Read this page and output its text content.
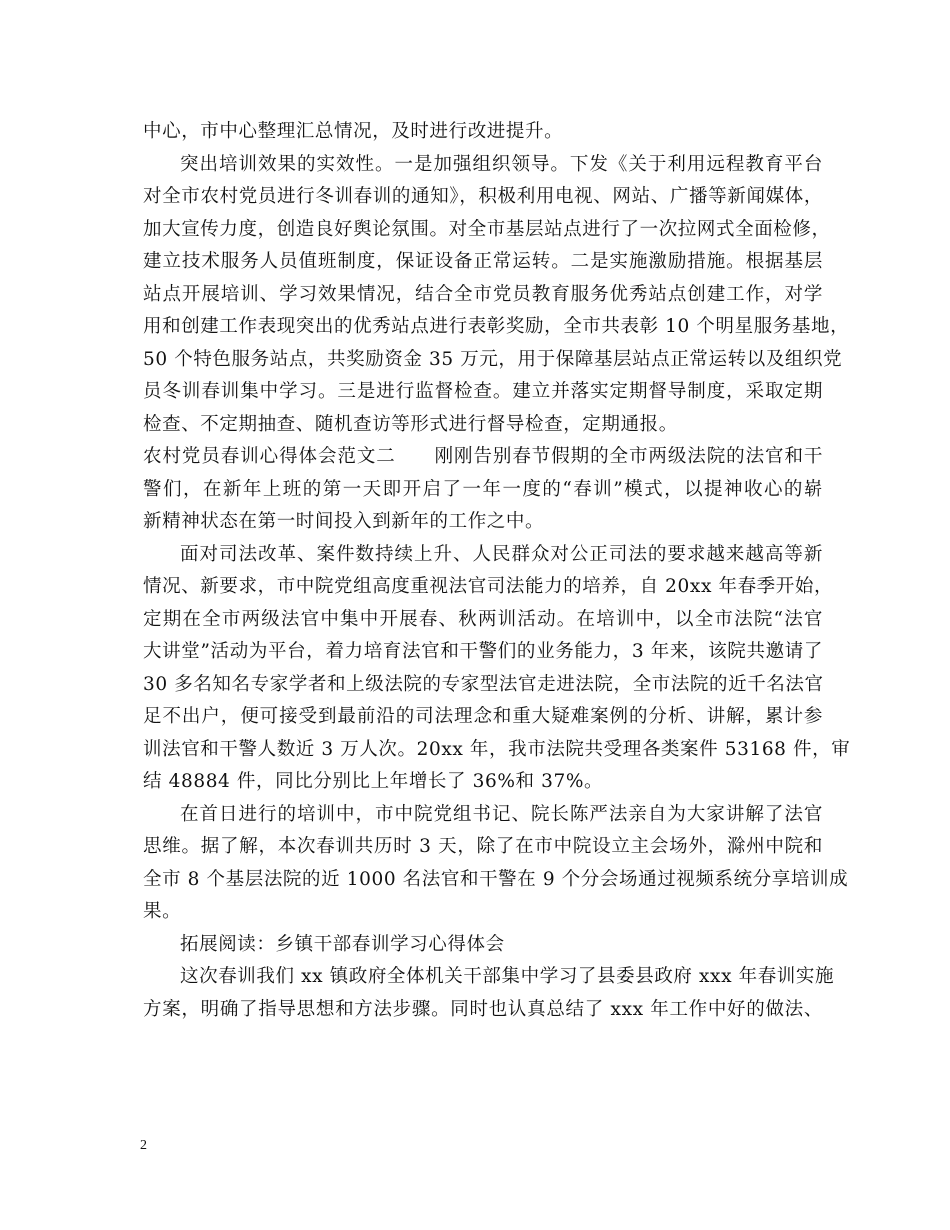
中心，市中心整理汇总情况，及时进行改进提升。
突出培训效果的实效性。一是加强组织领导。下发《关于利用远程教育平台
对全市农村党员进行冬训春训的通知》，积极利用电视、网站、广播等新闻媒体，
加大宣传力度，创造良好舆论氛围。对全市基层站点进行了一次拉网式全面检修，
建立技术服务人员值班制度，保证设备正常运转。二是实施激励措施。根据基层
站点开展培训、学习效果情况，结合全市党员教育服务优秀站点创建工作，对学
用和创建工作表现突出的优秀站点进行表彰奖励，全市共表彰 10 个明星服务基地，
50 个特色服务站点，共奖励资金 35 万元，用于保障基层站点正常运转以及组织党
员冬训春训集中学习。三是进行监督检查。建立并落实定期督导制度，采取定期
检查、不定期抽查、随机查访等形式进行督导检查，定期通报。
农村党员春训心得体会范文二　　刚刚告别春节假期的全市两级法院的法官和干
警们，在新年上班的第一天即开启了一年一度的“春训”模式，以提神收心的崭
新精神状态在第一时间投入到新年的工作之中。
面对司法改革、案件数持续上升、人民群众对公正司法的要求越来越高等新
情况、新要求，市中院党组高度重视法官司法能力的培养，自 20xx 年春季开始，
定期在全市两级法官中集中开展春、秋两训活动。在培训中，以全市法院“法官
大讲堂”活动为平台，着力培育法官和干警们的业务能力，3 年来，该院共邀请了
30 多名知名专家学者和上级法院的专家型法官走进法院，全市法院的近千名法官
足不出户，便可接受到最前沿的司法理念和重大疑难案例的分析、讲解，累计参
训法官和干警人数近 3 万人次。20xx 年，我市法院共受理各类案件 53168 件，审
结 48884 件，同比分别比上年增长了 36%和 37%。
在首日进行的培训中，市中院党组书记、院长陈严法亲自为大家讲解了法官
思维。据了解，本次春训共历时 3 天，除了在市中院设立主会场外，滁州中院和
全市 8 个基层法院的近 1000 名法官和干警在 9 个分会场通过视频系统分享培训成
果。
拓展阅读：乡镇干部春训学习心得体会
这次春训我们 xx 镇政府全体机关干部集中学习了县委县政府 xxx 年春训实施
方案，明确了指导思想和方法步骤。同时也认真总结了 xxx 年工作中好的做法、
2
